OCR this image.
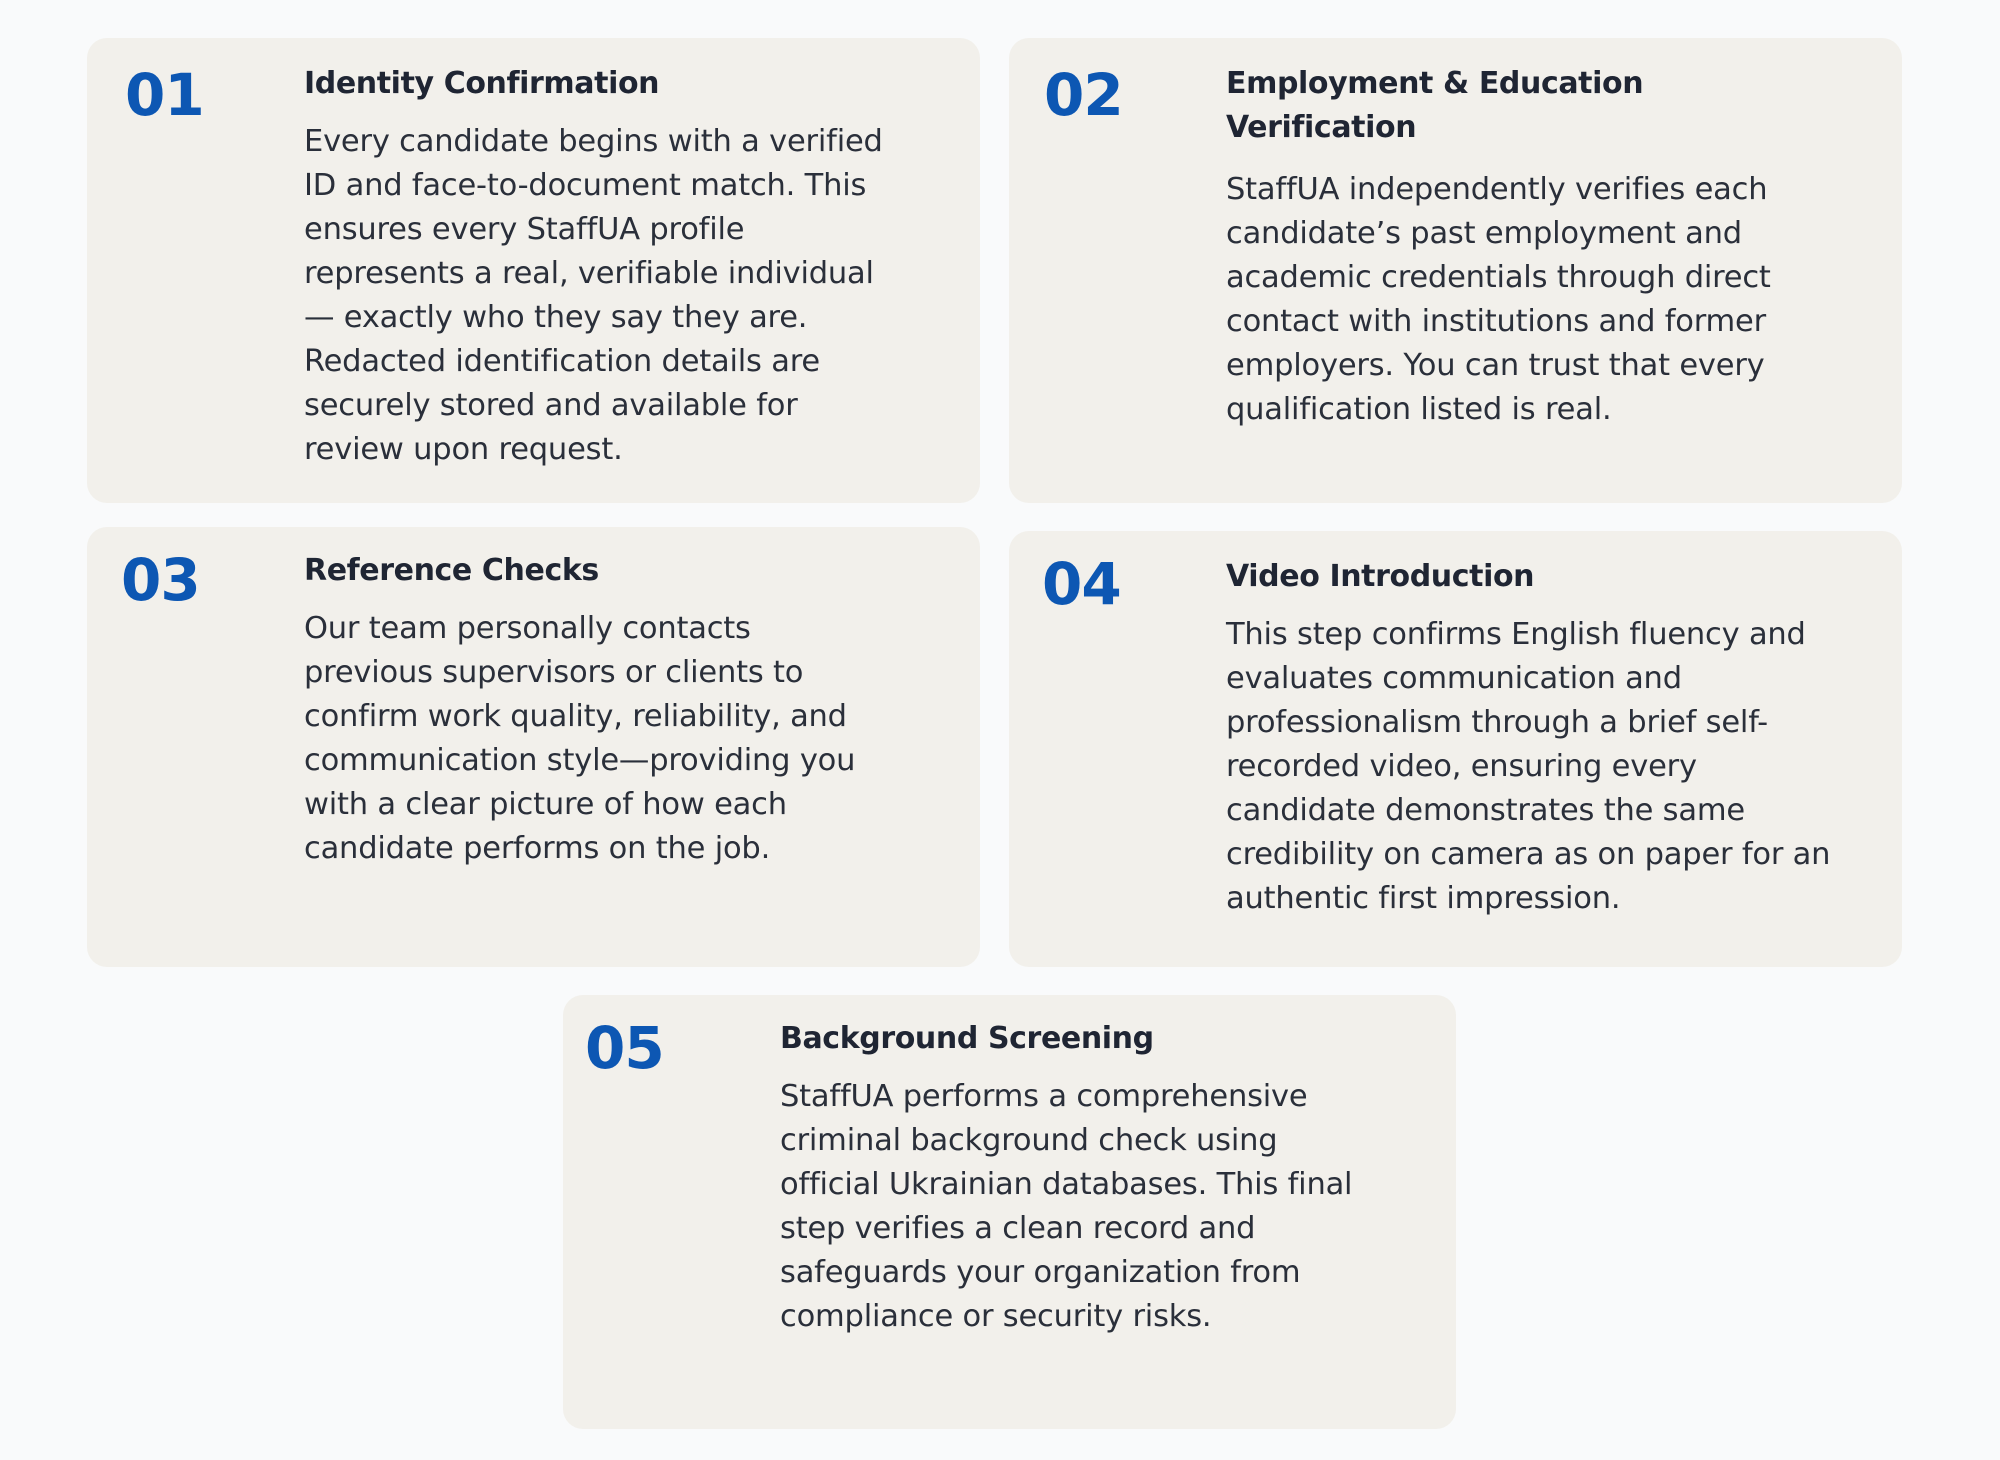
01	Identity Confirmation

Every candidate begins with a verified ID and face-to-document match. This ensures every StaffUA profile represents a real, verifiable individual — exactly who they say they are. Redacted identification details are securely stored and available for review upon request.

02	Employment & Education Verification

StaffUA independently verifies each candidate’s past employment and academic credentials through direct contact with institutions and former employers. You can trust that every qualification listed is real.

03	Reference Checks

Our team personally contacts previous supervisors or clients to confirm work quality, reliability, and communication style—providing you with a clear picture of how each candidate performs on the job.

04	Video Introduction

This step confirms English fluency and evaluates communication and professionalism through a brief self-recorded video, ensuring every candidate demonstrates the same credibility on camera as on paper for an authentic first impression.

05	Background Screening

StaffUA performs a comprehensive criminal background check using official Ukrainian databases. This final step verifies a clean record and safeguards your organization from compliance or security risks.
